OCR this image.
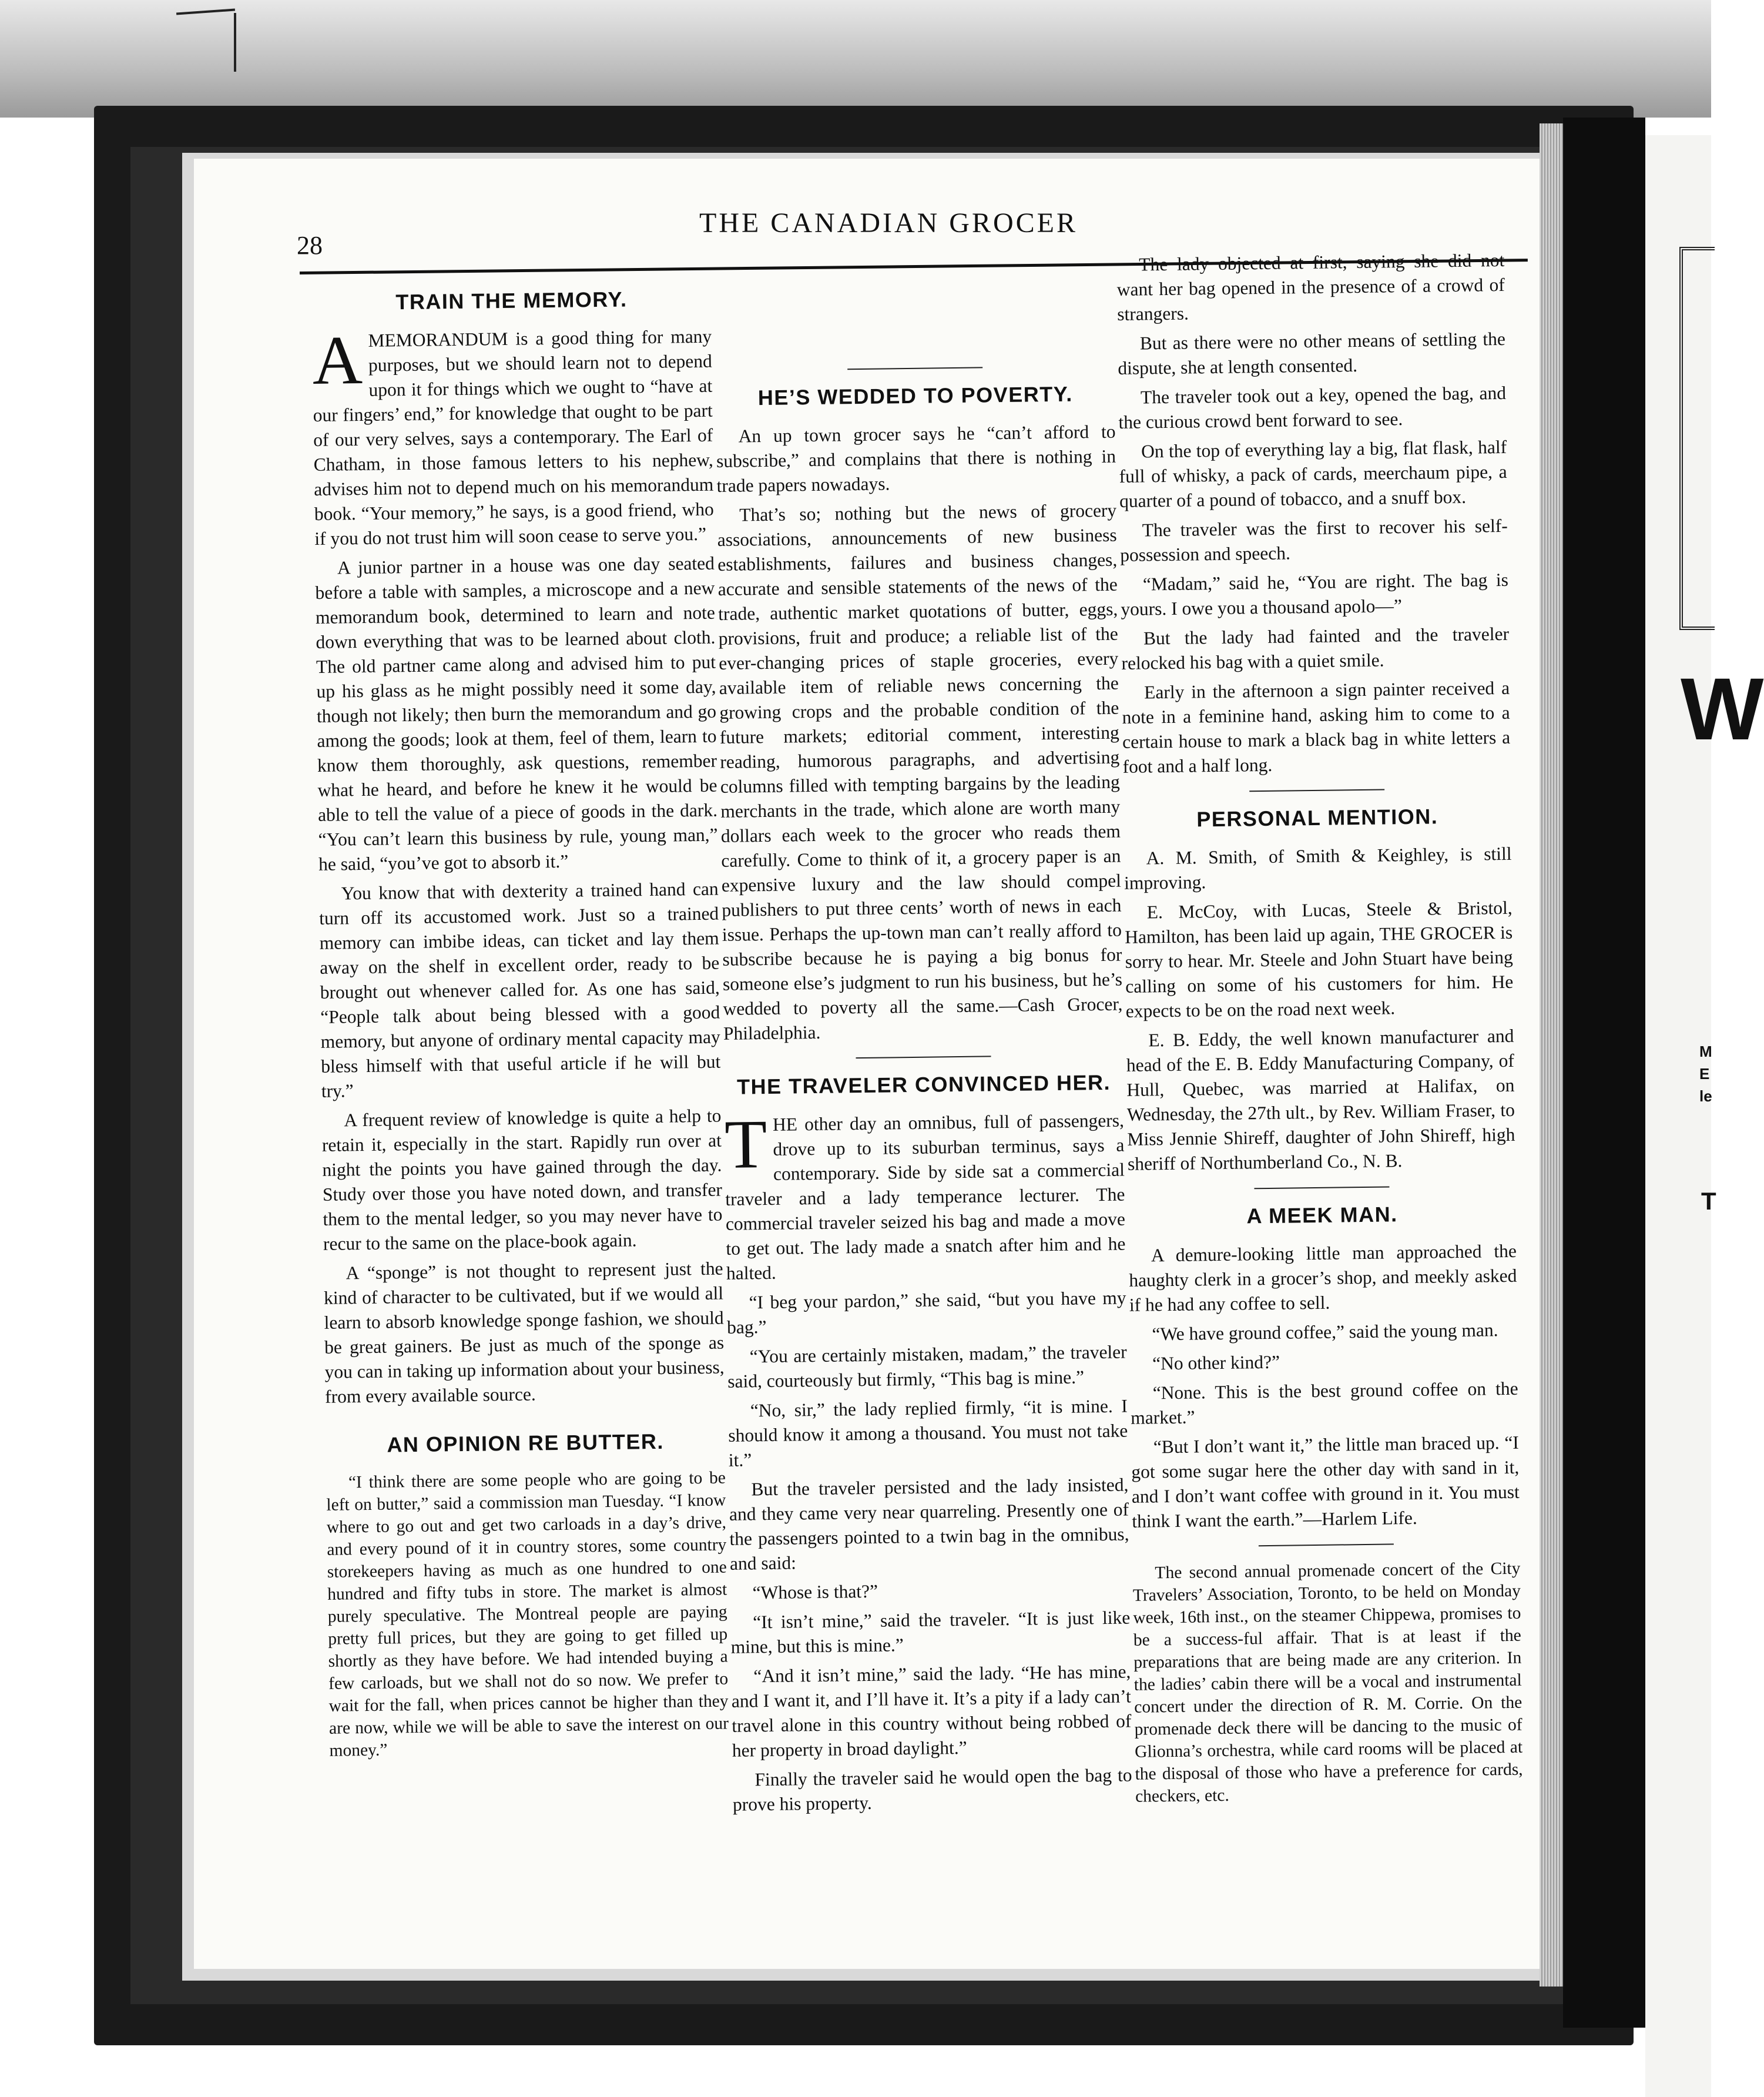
W
M
E
le
T
28
THE CANADIAN GROCER
TRAIN THE MEMORY.

AMEMORANDUM is a good thing for many purposes, but we should learn not to depend upon it for things which we ought to “have at our fingers’ end,” for knowledge that ought to be part of our very selves, says a contemporary. The Earl of Chatham, in those famous letters to his nephew, advises him not to depend much on his memorandum book. “Your memory,” he says, is a good friend, who if you do not trust him will soon cease to serve you.”

A junior partner in a house was one day seated before a table with samples, a microscope and a new memorandum book, determined to learn and note down everything that was to be learned about cloth. The old partner came along and advised him to put up his glass as he might possibly need it some day, though not likely; then burn the memorandum and go among the goods; look at them, feel of them, learn to know them thoroughly, ask questions, remember what he heard, and before he knew it he would be able to tell the value of a piece of goods in the dark. “You can’t learn this business by rule, young man,” he said, “you’ve got to absorb it.”

You know that with dexterity a trained hand can turn off its accustomed work. Just so a trained memory can imbibe ideas, can ticket and lay them away on the shelf in excellent order, ready to be brought out whenever called for. As one has said, “People talk about being blessed with a good memory, but anyone of ordinary mental capacity may bless himself with that useful article if he will but try.”

A frequent review of knowledge is quite a help to retain it, especially in the start. Rapidly run over at night the points you have gained through the day. Study over those you have noted down, and transfer them to the mental ledger, so you may never have to recur to the same on the place-book again.

A “sponge” is not thought to represent just the kind of character to be cultivated, but if we would all learn to absorb knowledge sponge fashion, we should be great gainers. Be just as much of the sponge as you can in taking up information about your business, from every available source.

AN OPINION RE BUTTER.

“I think there are some people who are going to be left on butter,” said a commission man Tuesday. “I know where to go out and get two carloads in a day’s drive, and every pound of it in country stores, some country storekeepers having as much as one hundred to one hundred and fifty tubs in store. The market is almost purely speculative. The Montreal people are paying pretty full prices, but they are going to get filled up shortly as they have before. We had intended buying a few carloads, but we shall not do so now. We prefer to wait for the fall, when prices cannot be higher than they are now, while we will be able to save the interest on our money.”

HE’S WEDDED TO POVERTY.

An up town grocer says he “can’t afford to subscribe,” and complains that there is nothing in trade papers nowadays.

That’s so; nothing but the news of grocery associations, announcements of new business establishments, failures and business changes, accurate and sensible statements of the news of the trade, authentic market quotations of butter, eggs, provisions, fruit and produce; a reliable list of the ever-changing prices of staple groceries, every available item of reliable news concerning the growing crops and the probable condition of the future markets; editorial comment, interesting reading, humorous paragraphs, and advertising columns filled with tempting bargains by the leading merchants in the trade, which alone are worth many dollars each week to the grocer who reads them carefully. Come to think of it, a grocery paper is an expensive luxury and the law should compel publishers to put three cents’ worth of news in each issue. Perhaps the up-town man can’t really afford to subscribe because he is paying a big bonus for someone else’s judgment to run his business, but he’s wedded to poverty all the same.—Cash Grocer, Philadelphia.

THE TRAVELER CONVINCED HER.

THE other day an omnibus, full of passengers, drove up to its suburban terminus, says a contemporary. Side by side sat a commercial traveler and a lady temperance lecturer. The commercial traveler seized his bag and made a move to get out. The lady made a snatch after him and he halted.

“I beg your pardon,” she said, “but you have my bag.”

“You are certainly mistaken, madam,” the traveler said, courteously but firmly, “This bag is mine.”

“No, sir,” the lady replied firmly, “it is mine. I should know it among a thousand. You must not take it.”

But the traveler persisted and the lady insisted, and they came very near quarreling. Presently one of the passengers pointed to a twin bag in the omnibus, and said:

“Whose is that?”

“It isn’t mine,” said the traveler. “It is just like mine, but this is mine.”

“And it isn’t mine,” said the lady. “He has mine, and I want it, and I’ll have it. It’s a pity if a lady can’t travel alone in this country without being robbed of her property in broad daylight.”

Finally the traveler said he would open the bag to prove his property.

The lady objected at first, saying she did not want her bag opened in the presence of a crowd of strangers.

But as there were no other means of settling the dispute, she at length consented.

The traveler took out a key, opened the bag, and the curious crowd bent forward to see.

On the top of everything lay a big, flat flask, half full of whisky, a pack of cards, meerchaum pipe, a quarter of a pound of tobacco, and a snuff box.

The traveler was the first to recover his self-possession and speech.

“Madam,” said he, “You are right. The bag is yours. I owe you a thousand apolo—”

But the lady had fainted and the traveler relocked his bag with a quiet smile.

Early in the afternoon a sign painter received a note in a feminine hand, asking him to come to a certain house to mark a black bag in white letters a foot and a half long.

PERSONAL MENTION.

A. M. Smith, of Smith & Keighley, is still improving.

E. McCoy, with Lucas, Steele & Bristol, Hamilton, has been laid up again, THE GROCER is sorry to hear. Mr. Steele and John Stuart have being calling on some of his customers for him. He expects to be on the road next week.

E. B. Eddy, the well known manufacturer and head of the E. B. Eddy Manufacturing Company, of Hull, Quebec, was married at Halifax, on Wednesday, the 27th ult., by Rev. William Fraser, to Miss Jennie Shireff, daughter of John Shireff, high sheriff of Northumberland Co., N. B.

A MEEK MAN.

A demure-looking little man approached the haughty clerk in a grocer’s shop, and meekly asked if he had any coffee to sell.

“We have ground coffee,” said the young man.

“No other kind?”

“None. This is the best ground coffee on the market.”

“But I don’t want it,” the little man braced up. “I got some sugar here the other day with sand in it, and I don’t want coffee with ground in it. You must think I want the earth.”—Harlem Life.

The second annual promenade concert of the City Travelers’ Association, Toronto, to be held on Monday week, 16th inst., on the steamer Chippewa, promises to be a success-ful affair. That is at least if the preparations that are being made are any criterion. In the ladies’ cabin there will be a vocal and instrumental concert under the direction of R. M. Corrie. On the promenade deck there will be dancing to the music of Glionna’s orchestra, while card rooms will be placed at the disposal of those who have a preference for cards, checkers, etc.
